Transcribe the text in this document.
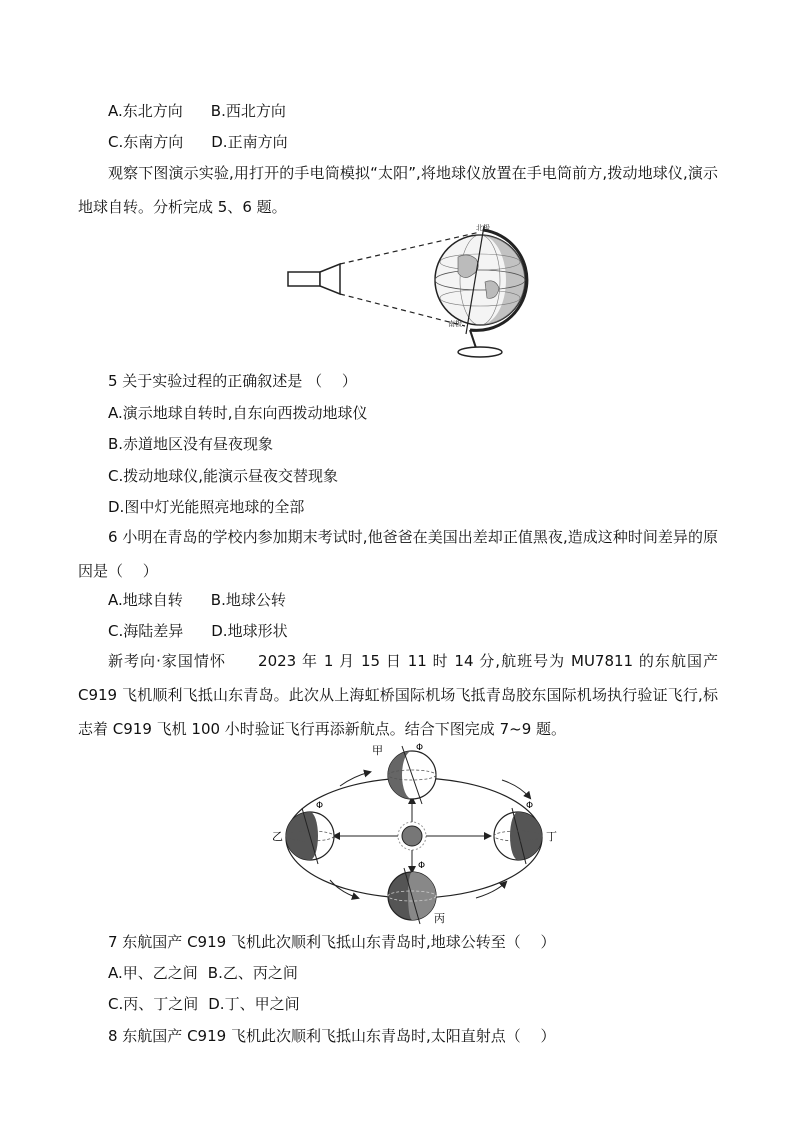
A.东北方向 B.西北方向
C.东南方向 D.正南方向
观察下图演示实验,用打开的手电筒模拟“太阳”,将地球仪放置在手电筒前方,拨动地球仪,演示地球自转。分析完成 5、6 题。
北极
南极
5 关于实验过程的正确叙述是 （　 ）
A.演示地球自转时,自东向西拨动地球仪
B.赤道地区没有昼夜现象
C.拨动地球仪,能演示昼夜交替现象
D.图中灯光能照亮地球的全部
6 小明在青岛的学校内参加期末考试时,他爸爸在美国出差却正值黑夜,造成这种时间差异的原因是（　 ）
A.地球自转 B.地球公转
C.海陆差异 D.地球形状
新考向·家国情怀　　2023 年 1 月 15 日 11 时 14 分,航班号为 MU7811 的东航国产 C919 飞机顺利飞抵山东青岛。此次从上海虹桥国际机场飞抵青岛胶东国际机场执行验证飞行,标志着 C919 飞机 100 小时验证飞行再添新航点。结合下图完成 7~9 题。
甲	Φ
乙
Φ
丁
Φ
丙
Φ
7 东航国产 C919 飞机此次顺利飞抵山东青岛时,地球公转至（　 ）
A.甲、乙之间 B.乙、丙之间
C.丙、丁之间 D.丁、甲之间
8 东航国产 C919 飞机此次顺利飞抵山东青岛时,太阳直射点（　 ）
